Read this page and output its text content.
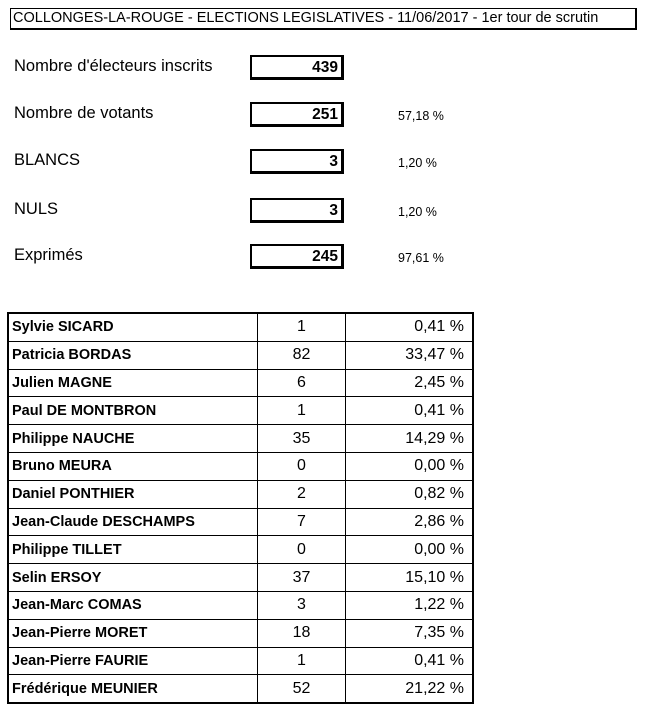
COLLONGES-LA-ROUGE - ELECTIONS LEGISLATIVES - 11/06/2017 - 1er tour de scrutin
Nombre d'électeurs inscrits	439
Nombre de votants	251	57,18 %
BLANCS	3	1,20 %
NULS	3	1,20 %
Exprimés	245	97,61 %
Sylvie SICARD	1	0,41 %
Patricia BORDAS	82	33,47 %
Julien MAGNE	6	2,45 %
Paul DE MONTBRON	1	0,41 %
Philippe NAUCHE	35	14,29 %
Bruno MEURA	0	0,00 %
Daniel PONTHIER	2	0,82 %
Jean-Claude DESCHAMPS	7	2,86 %
Philippe TILLET	0	0,00 %
Selin ERSOY	37	15,10 %
Jean-Marc COMAS	3	1,22 %
Jean-Pierre MORET	18	7,35 %
Jean-Pierre FAURIE	1	0,41 %
Frédérique MEUNIER	52	21,22 %
